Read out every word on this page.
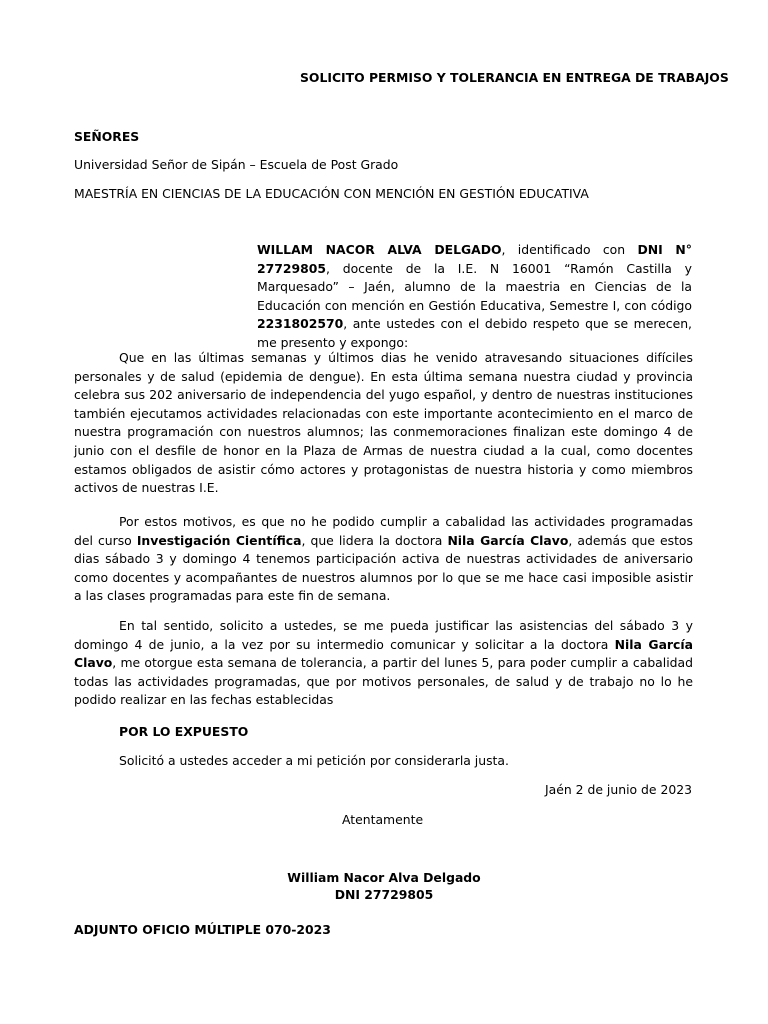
SOLICITO PERMISO Y TOLERANCIA EN ENTREGA DE TRABAJOS

SEÑORES

Universidad Señor de Sipán – Escuela de Post Grado

MAESTRÍA EN CIENCIAS DE LA EDUCACIÓN CON MENCIÓN EN GESTIÓN EDUCATIVA

WILLAM NACOR ALVA DELGADO, identificado con DNI N° 27729805, docente de la I.E. N 16001 “Ramón Castilla y Marquesado” – Jaén, alumno de la maestria en Ciencias de la Educación con mención en Gestión Educativa, Semestre I, con código 2231802570, ante ustedes con el debido respeto que se merecen, me presento y expongo:

Que en las últimas semanas y últimos dias he venido atravesando situaciones difíciles personales y de salud (epidemia de dengue). En esta última semana nuestra ciudad y provincia celebra sus 202 aniversario de independencia del yugo español, y dentro de nuestras instituciones también ejecutamos actividades relacionadas con este importante acontecimiento en el marco de nuestra programación con nuestros alumnos; las conmemoraciones finalizan este domingo 4 de junio con el desfile de honor en la Plaza de Armas de nuestra ciudad a la cual, como docentes estamos obligados de asistir cómo actores y protagonistas de nuestra historia y como miembros activos de nuestras I.E.

Por estos motivos, es que no he podido cumplir a cabalidad las actividades programadas del curso Investigación Científica, que lidera la doctora Nila García Clavo, además que estos dias sábado 3 y domingo 4 tenemos participación activa de nuestras actividades de aniversario como docentes y acompañantes de nuestros alumnos por lo que se me hace casi imposible asistir a las clases programadas para este fin de semana.

En tal sentido, solicito a ustedes, se me pueda justificar las asistencias del sábado 3 y domingo 4 de junio, a la vez por su intermedio comunicar y solicitar a la doctora Nila García Clavo, me otorgue esta semana de tolerancia, a partir del lunes 5, para poder cumplir a cabalidad todas las actividades programadas, que por motivos personales, de salud y de trabajo no lo he podido realizar en las fechas establecidas

POR LO EXPUESTO

Solicitó a ustedes acceder a mi petición por considerarla justa.

Jaén 2 de junio de 2023

Atentamente

William Nacor Alva Delgado

DNI 27729805

ADJUNTO OFICIO MÚLTIPLE 070-2023
